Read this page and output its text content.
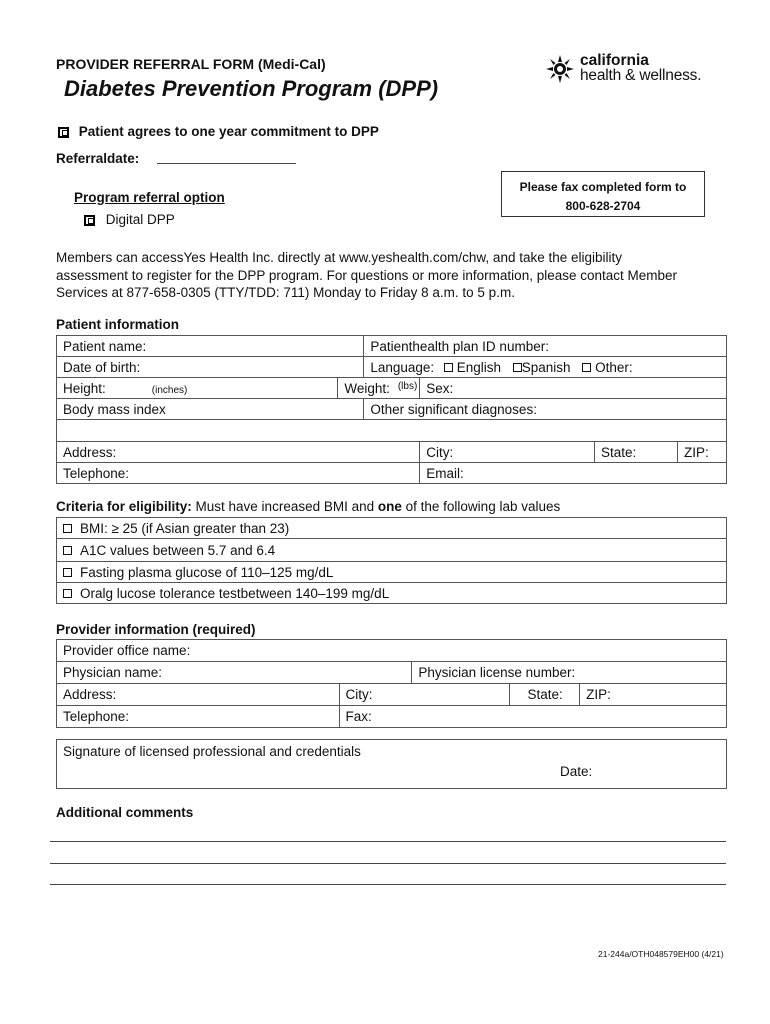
PROVIDER REFERRAL FORM (Medi-Cal)
Diabetes Prevention Program (DPP)
california
health & wellness.
Patient agrees to one year commitment to DPP
Referraldate:
Program referral option
Digital DPP
Please fax completed form to
800-628-2704
Members can accessYes Health Inc. directly at www.yeshealth.com/chw, and take the eligibility
assessment to register for the DPP program. For questions or more information, please contact Member
Services at 877-658-0305 (TTY/TDD: 711) Monday to Friday 8 a.m. to 5 p.m.
Patient information
Patient name:	Patienthealth plan ID number:
Date of birth:	Language: English Spanish Other:
Height:	(inches)	Weight: (lbs)	Sex:
Body mass index	Other significant diagnoses:

Address:	City:		State:	ZIP:

Telephone:	Email:
Criteria for eligibility: Must have increased BMI and one of the following lab values
BMI: ≥ 25 (if Asian greater than 23)
A1C values between 5.7 and 6.4
Fasting plasma glucose of 110–125 mg/dL
Oralg lucose tolerance testbetween 140–199 mg/dL
Provider information (required)
Provider office name:			
Physician name:		Physician license number:	
Address:	City: State:		ZIP:
Telephone:	Fax:		
Signature of licensed professional and credentials
Date:
Additional comments
21-244a/OTH048579EH00 (4/21)
